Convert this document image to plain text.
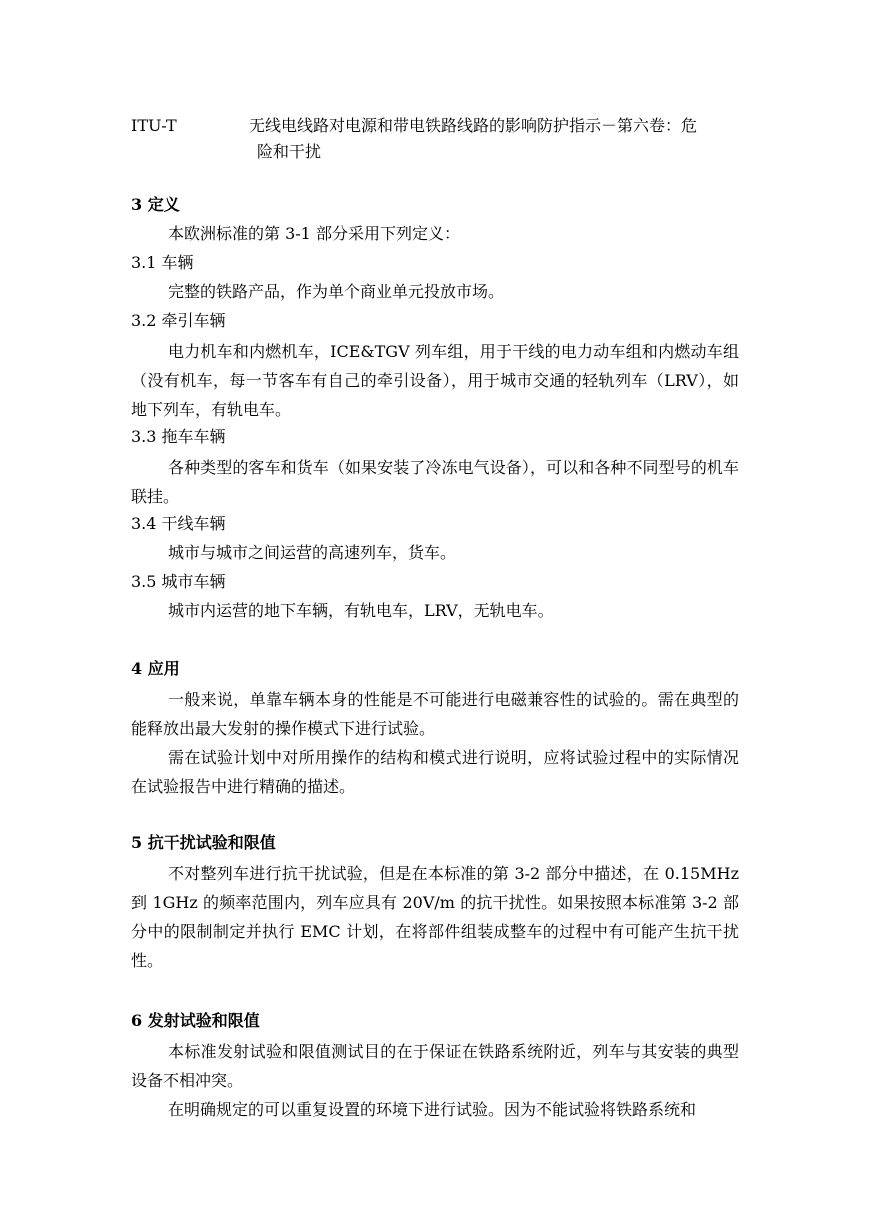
ITU-T	无线电线路对电源和带电铁路线路的影响防护指示－第六卷：危
险和干扰
3 定义
本欧洲标准的第 3-1 部分采用下列定义：
3.1 车辆
完整的铁路产品，作为单个商业单元投放市场。
3.2 牵引车辆
电力机车和内燃机车，ICE&TGV 列车组，用于干线的电力动车组和内燃动车组（没有机车，每一节客车有自己的牵引设备），用于城市交通的轻轨列车（LRV），如地下列车，有轨电车。
3.3 拖车车辆
各种类型的客车和货车（如果安装了冷冻电气设备），可以和各种不同型号的机车联挂。
3.4 干线车辆
城市与城市之间运营的高速列车，货车。
3.5 城市车辆
城市内运营的地下车辆，有轨电车，LRV，无轨电车。
4 应用
一般来说，单靠车辆本身的性能是不可能进行电磁兼容性的试验的。需在典型的能释放出最大发射的操作模式下进行试验。
需在试验计划中对所用操作的结构和模式进行说明，应将试验过程中的实际情况在试验报告中进行精确的描述。
5 抗干扰试验和限值
不对整列车进行抗干扰试验，但是在本标准的第 3-2 部分中描述，在 0.15MHz 到 1GHz 的频率范围内，列车应具有 20V/m 的抗干扰性。如果按照本标准第 3-2 部分中的限制制定并执行 EMC 计划，在将部件组装成整车的过程中有可能产生抗干扰性。
6 发射试验和限值
本标准发射试验和限值测试目的在于保证在铁路系统附近，列车与其安装的典型设备不相冲突。
在明确规定的可以重复设置的环境下进行试验。因为不能试验将铁路系统和
